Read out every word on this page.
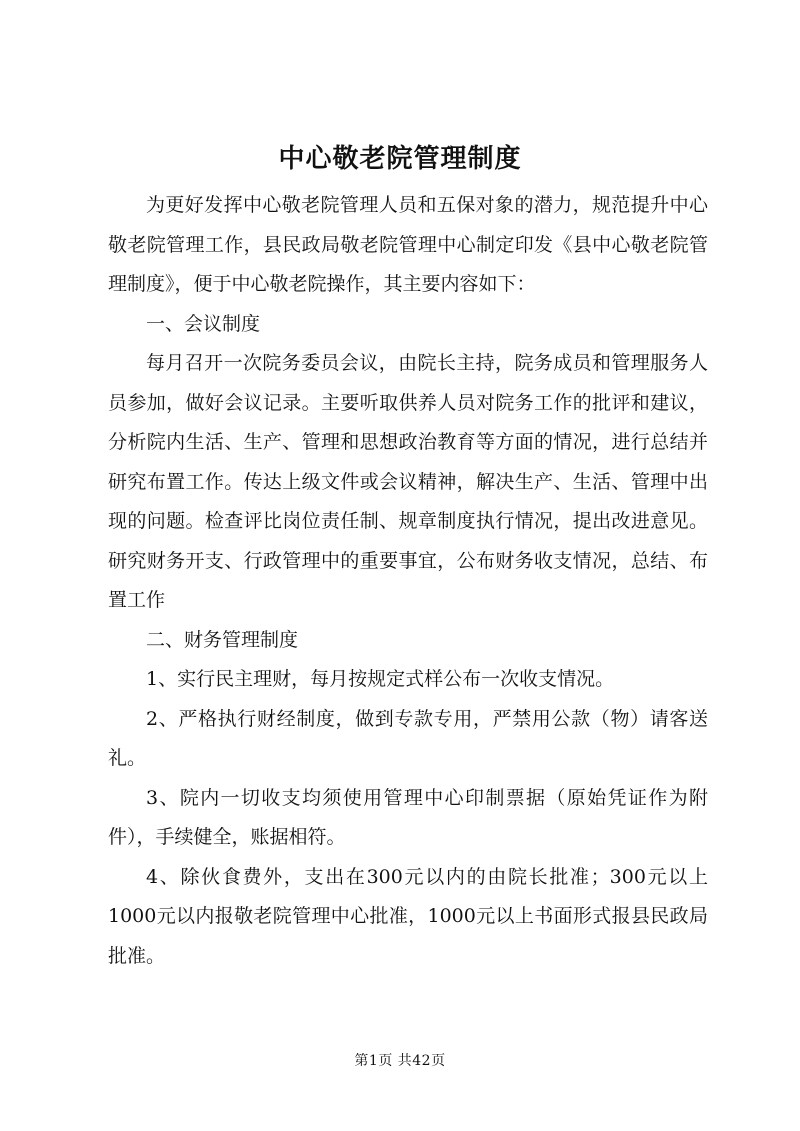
中心敬老院管理制度

为更好发挥中心敬老院管理人员和五保对象的潜力，规范提升中心敬老院管理工作，县民政局敬老院管理中心制定印发《县中心敬老院管理制度》，便于中心敬老院操作，其主要内容如下：

一、会议制度

每月召开一次院务委员会议，由院长主持，院务成员和管理服务人员参加，做好会议记录。主要听取供养人员对院务工作的批评和建议，分析院内生活、生产、管理和思想政治教育等方面的情况，进行总结并研究布置工作。传达上级文件或会议精神，解决生产、生活、管理中出现的问题。检查评比岗位责任制、规章制度执行情况，提出改进意见。研究财务开支、行政管理中的重要事宜，公布财务收支情况，总结、布置工作

二、财务管理制度

1、实行民主理财，每月按规定式样公布一次收支情况。

2、严格执行财经制度，做到专款专用，严禁用公款（物）请客送礼。

3、院内一切收支均须使用管理中心印制票据（原始凭证作为附件），手续健全，账据相符。

4、除伙食费外，支出在300元以内的由院长批准；300元以上1000元以内报敬老院管理中心批准，1000元以上书面形式报县民政局批准。

第1页 共42页
